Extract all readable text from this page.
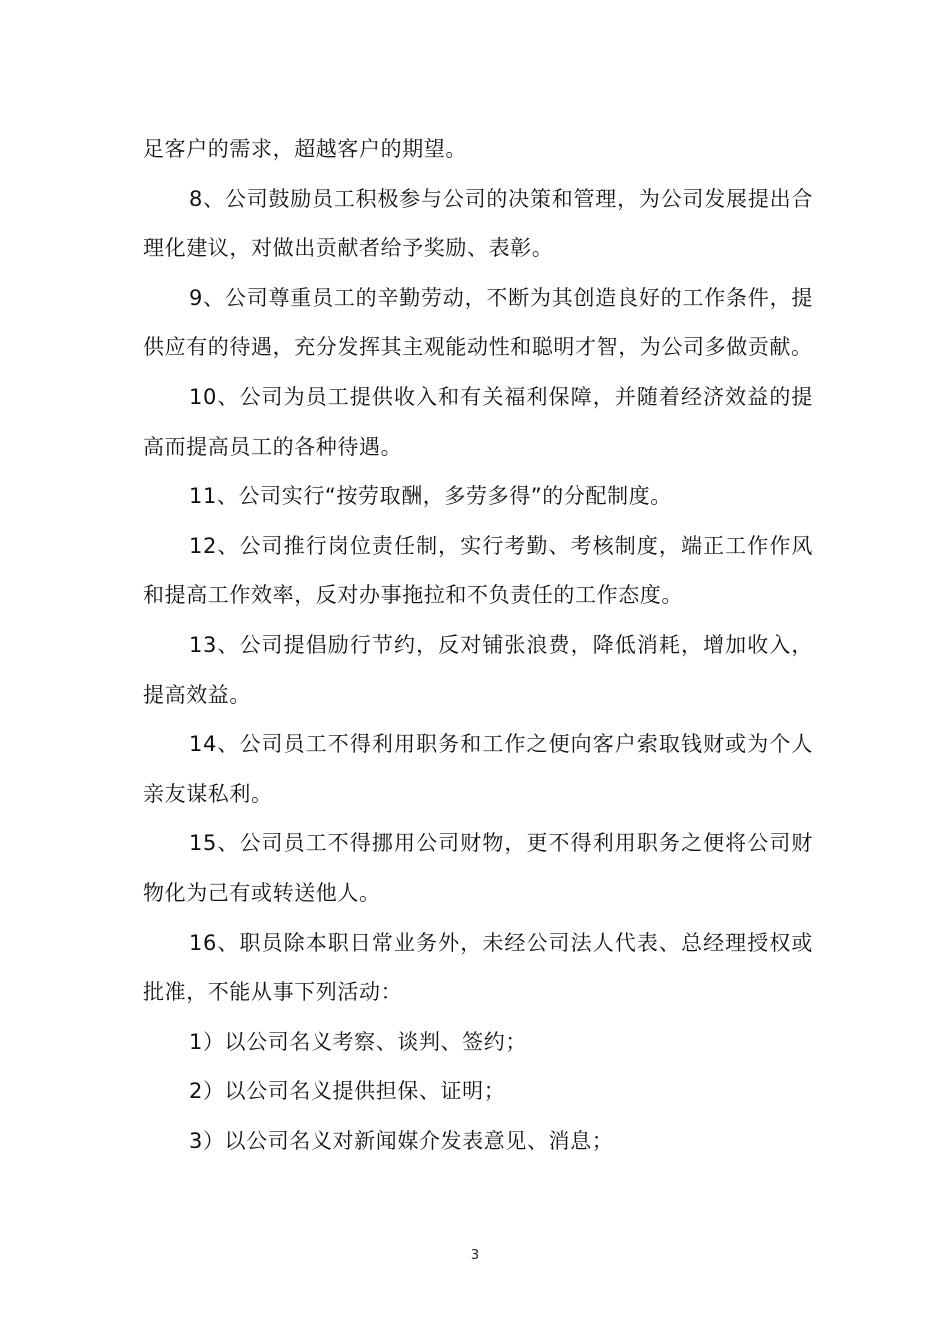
足客户的需求，超越客户的期望。

8、公司鼓励员工积极参与公司的决策和管理，为公司发展提出合理化建议，对做出贡献者给予奖励、表彰。

9、公司尊重员工的辛勤劳动，不断为其创造良好的工作条件，提供应有的待遇，充分发挥其主观能动性和聪明才智，为公司多做贡献。

10、公司为员工提供收入和有关福利保障，并随着经济效益的提高而提高员工的各种待遇。

11、公司实行“按劳取酬，多劳多得”的分配制度。

12、公司推行岗位责任制，实行考勤、考核制度，端正工作作风和提高工作效率，反对办事拖拉和不负责任的工作态度。

13、公司提倡励行节约，反对铺张浪费，降低消耗，增加收入，提高效益。

14、公司员工不得利用职务和工作之便向客户索取钱财或为个人亲友谋私利。

15、公司员工不得挪用公司财物，更不得利用职务之便将公司财物化为己有或转送他人。

16、职员除本职日常业务外，未经公司法人代表、总经理授权或批准，不能从事下列活动：

1）以公司名义考察、谈判、签约；

2）以公司名义提供担保、证明；

3）以公司名义对新闻媒介发表意见、消息；

3
